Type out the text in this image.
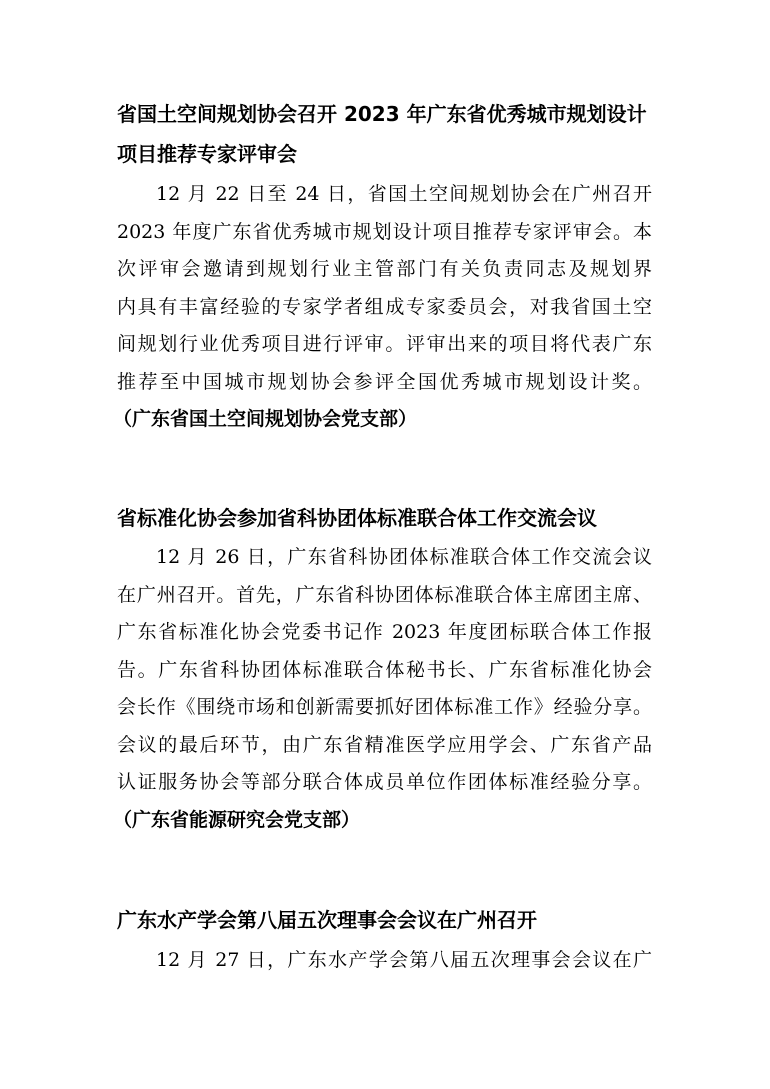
省国土空间规划协会召开 2023 年广东省优秀城市规划设计
项目推荐专家评审会
12 月 22 日至 24 日，省国土空间规划协会在广州召开
2023 年度广东省优秀城市规划设计项目推荐专家评审会。本
次评审会邀请到规划行业主管部门有关负责同志及规划界
内具有丰富经验的专家学者组成专家委员会，对我省国土空
间规划行业优秀项目进行评审。评审出来的项目将代表广东
推荐至中国城市规划协会参评全国优秀城市规划设计奖。
（广东省国土空间规划协会党支部）
省标准化协会参加省科协团体标准联合体工作交流会议
12 月 26 日，广东省科协团体标准联合体工作交流会议
在广州召开。首先，广东省科协团体标准联合体主席团主席、
广东省标准化协会党委书记作 2023 年度团标联合体工作报
告。广东省科协团体标准联合体秘书长、广东省标准化协会
会长作《围绕市场和创新需要抓好团体标准工作》经验分享。
会议的最后环节，由广东省精准医学应用学会、广东省产品
认证服务协会等部分联合体成员单位作团体标准经验分享。
（广东省能源研究会党支部）
广东水产学会第八届五次理事会会议在广州召开
12 月 27 日，广东水产学会第八届五次理事会会议在广
